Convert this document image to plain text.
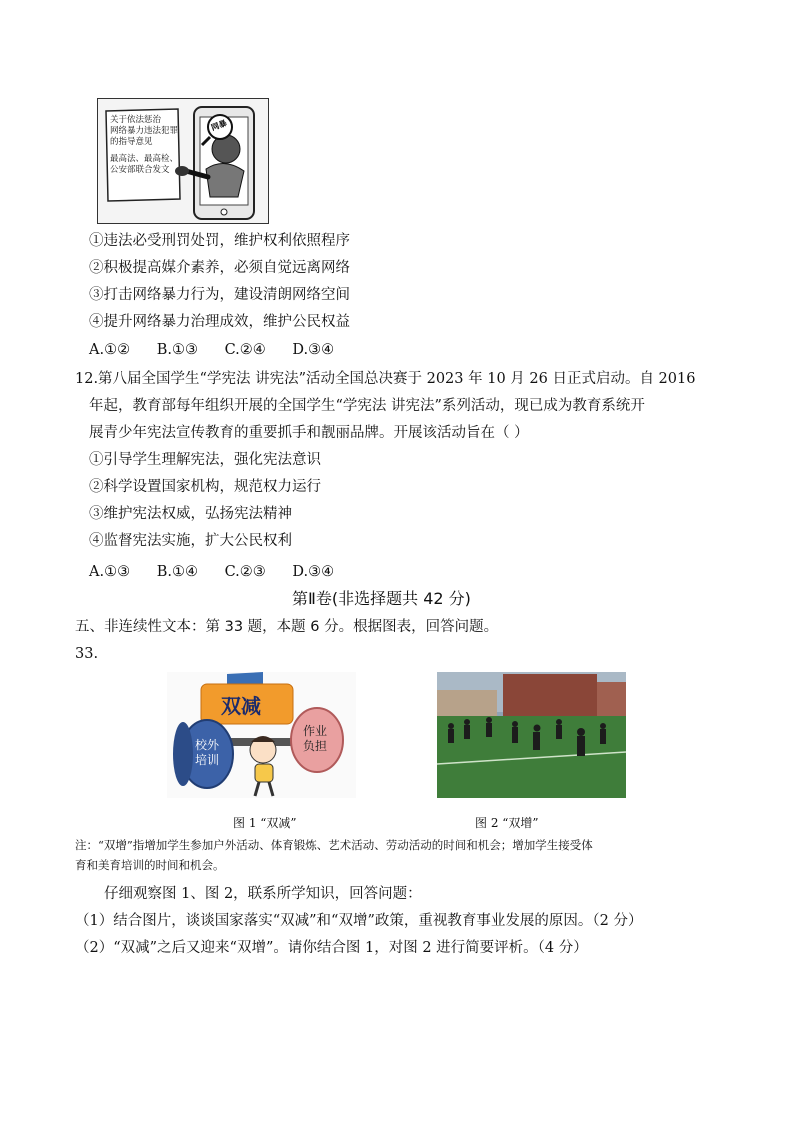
关于依法惩治
网络暴力违法犯罪
的指导意见
最高法、最高检、
公安部联合发文
网暴
①违法必受刑罚处罚，维护权利依照程序
②积极提高媒介素养，必须自觉远离网络
③打击网络暴力行为，建设清朗网络空间
④提升网络暴力治理成效，维护公民权益
A.①② B.①③ C.②④ D.③④
12.第八届全国学生“学宪法 讲宪法”活动全国总决赛于 2023 年 10 月 26 日正式启动。自 2016
年起，教育部每年组织开展的全国学生“学宪法 讲宪法”系列活动，现已成为教育系统开
展青少年宪法宣传教育的重要抓手和靓丽品牌。开展该活动旨在（ ）
①引导学生理解宪法，强化宪法意识
②科学设置国家机构，规范权力运行
③维护宪法权威，弘扬宪法精神
④监督宪法实施，扩大公民权利
A.①③ B.①④ C.②③ D.③④
第Ⅱ卷(非选择题共 42 分)
五、非连续性文本：第 33 题，本题 6 分。根据图表，回答问题。
33.
双减
校外培训
作业负担
图 1 “双减”	图 2 “双增”
注：“双增”指增加学生参加户外活动、体育锻炼、艺术活动、劳动活动的时间和机会；增加学生接受体
育和美育培训的时间和机会。
仔细观察图 1、图 2，联系所学知识，回答问题：
（1）结合图片，谈谈国家落实“双减”和“双增”政策，重视教育事业发展的原因。（2 分）
（2）“双减”之后又迎来“双增”。请你结合图 1，对图 2 进行简要评析。（4 分）
